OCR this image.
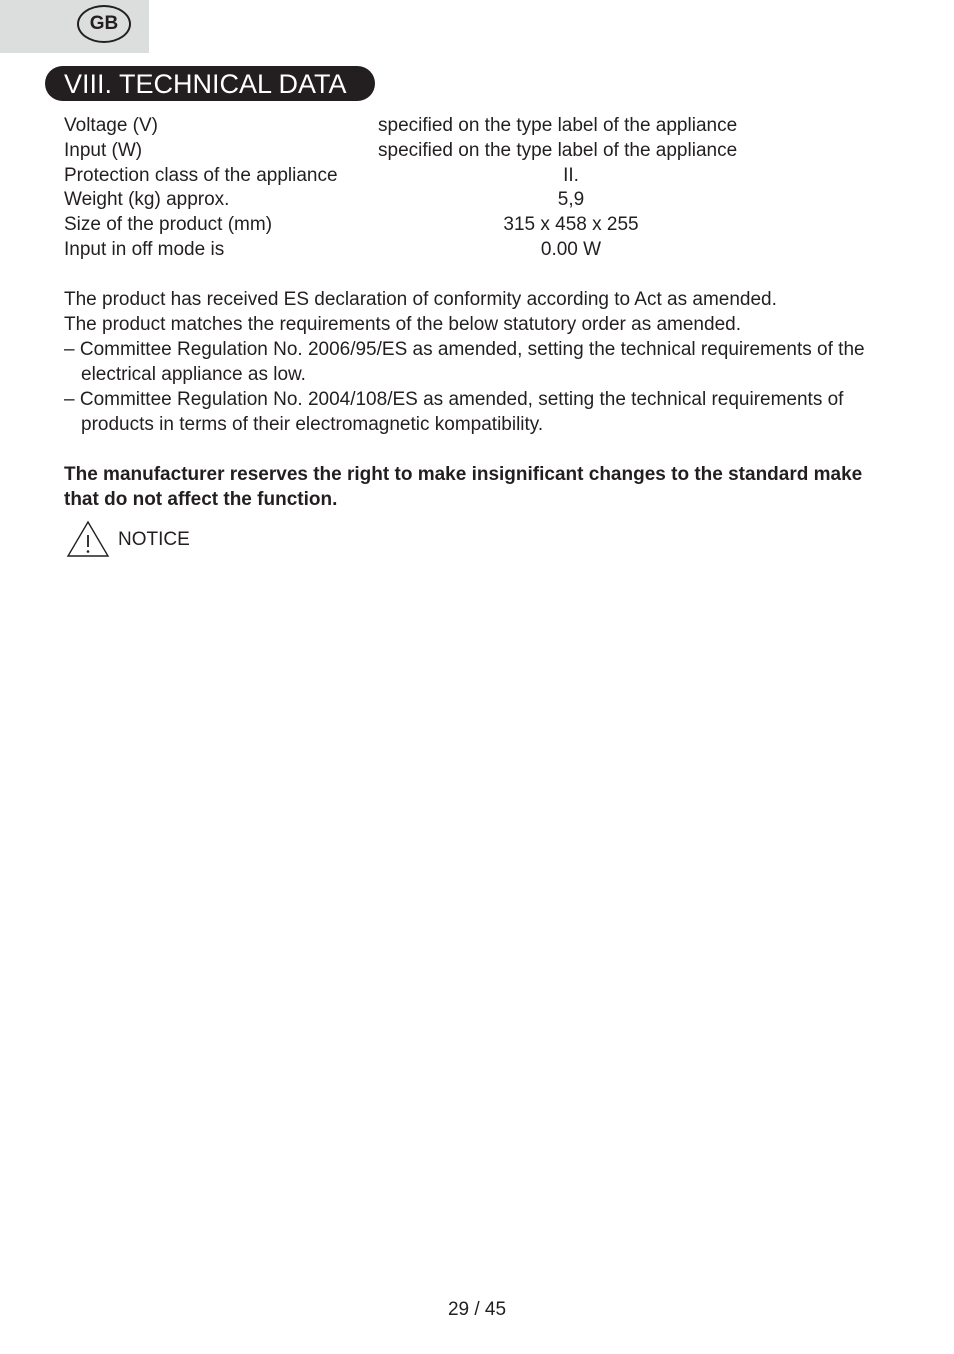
GB
VIII. TECHNICAL DATA
Voltage (V)	specified on the type label of the appliance
Input (W)	specified on the type label of the appliance
Protection class of the appliance	II.
Weight (kg) approx.	5,9
Size of the product (mm)	315 x 458 x 255
Input in off mode is	0.00 W

The product has received ES declaration of conformity according to Act as amended.

The product matches the requirements of the below statutory order as amended.

– Committee Regulation No. 2006/95/ES as amended, setting the technical requirements of the electrical appliance as low.

– Committee Regulation No. 2004/108/ES as amended, setting the technical requirements of products in terms of their electromagnetic kompatibility.

The manufacturer reserves the right to make insignificant changes to the standard make that do not affect the function.
NOTICE
29 / 45
